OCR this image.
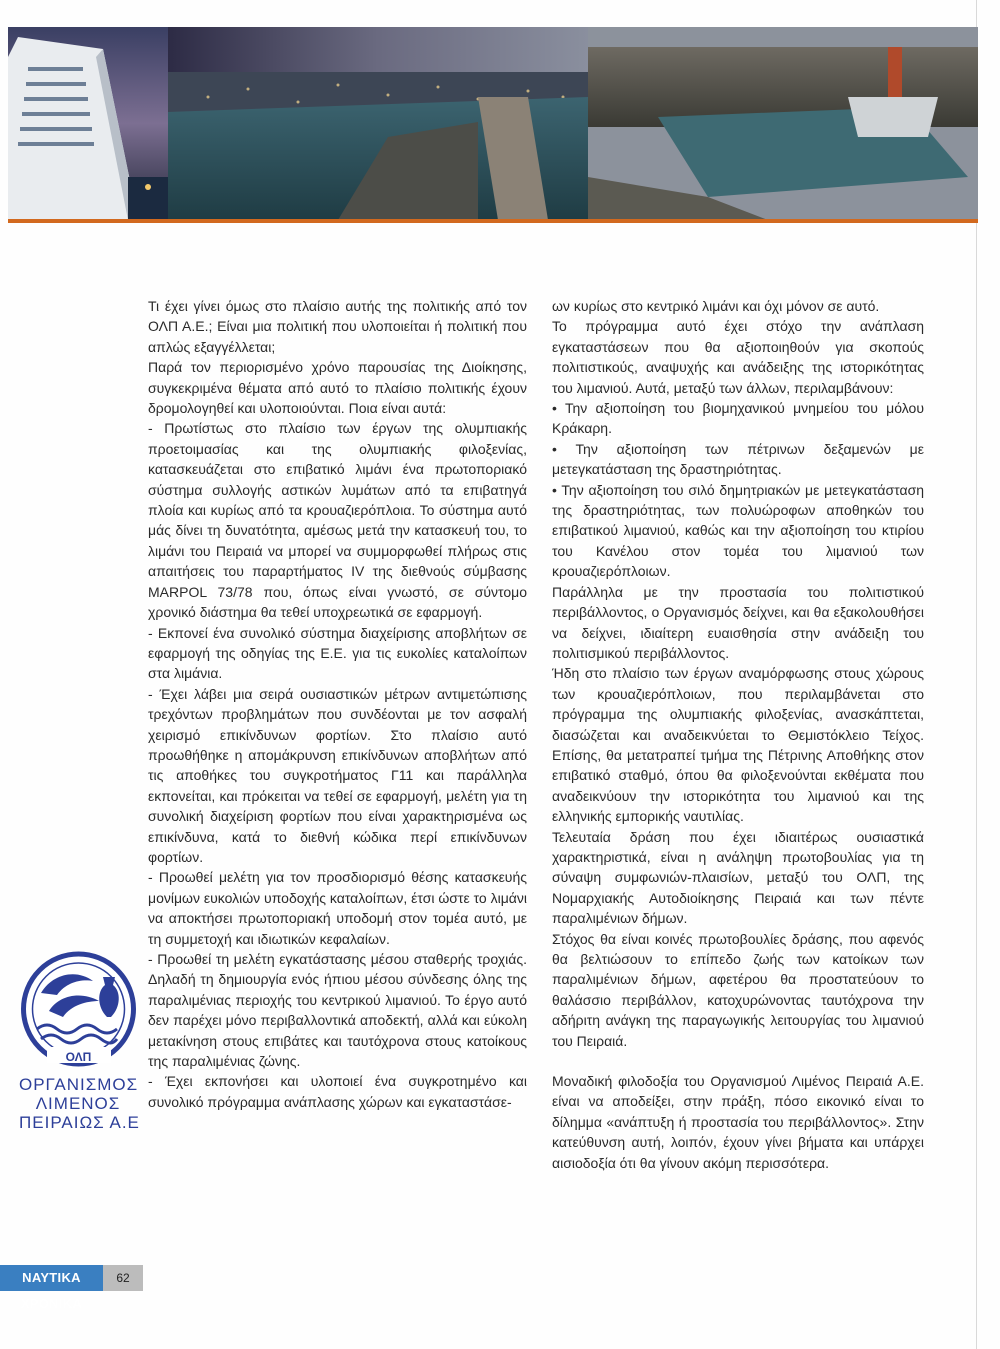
Τι έχει γίνει όμως στο πλαίσιο αυτής της πολιτικής από τον ΟΛΠ Α.Ε.; Είναι μια πολιτική που υλοποιείται ή πολιτική που απλώς εξαγγέλλεται;

Παρά τον περιορισμένο χρόνο παρουσίας της Διοίκησης, συγκεκριμένα θέματα από αυτό το πλαίσιο πολιτικής έχουν δρομολογηθεί και υλοποιούνται. Ποια είναι αυτά:

- Πρωτίστως στο πλαίσιο των έργων της ολυμπιακής προετοιμασίας και της ολυμπιακής φιλοξενίας, κατασκευάζεται στο επιβατικό λιμάνι ένα πρωτοποριακό σύστημα συλλογής αστικών λυμάτων από τα επιβατηγά πλοία και κυρίως από τα κρουαζιερόπλοια. Το σύστημα αυτό μάς δίνει τη δυνατότητα, αμέσως μετά την κατασκευή του, το λιμάνι του Πειραιά να μπορεί να συμμορφωθεί πλήρως στις απαιτήσεις του παραρτήματος IV της διεθνούς σύμβασης MARPOL 73/78 που, όπως είναι γνωστό, σε σύντομο χρονικό διάστημα θα τεθεί υποχρεωτικά σε εφαρμογή.

- Εκπονεί ένα συνολικό σύστημα διαχείρισης αποβλήτων σε εφαρμογή της οδηγίας της Ε.Ε. για τις ευκολίες καταλοίπων στα λιμάνια.

- Έχει λάβει μια σειρά ουσιαστικών μέτρων αντιμετώπισης τρεχόντων προβλημάτων που συνδέονται με τον ασφαλή χειρισμό επικίνδυνων φορτίων. Στο πλαίσιο αυτό προωθήθηκε η απομάκρυνση επικίνδυνων αποβλήτων από τις αποθήκες του συγκροτήματος Γ11 και παράλληλα εκπονείται, και πρόκειται να τεθεί σε εφαρμογή, μελέτη για τη συνολική διαχείριση φορτίων που είναι χαρακτηρισμένα ως επικίνδυνα, κατά το διεθνή κώδικα περί επικίνδυνων φορτίων.

- Προωθεί μελέτη για τον προσδιορισμό θέσης κατασκευής μονίμων ευκολιών υποδοχής καταλοίπων, έτσι ώστε το λιμάνι να αποκτήσει πρωτοποριακή υποδομή στον τομέα αυτό, με τη συμμετοχή και ιδιωτικών κεφαλαίων.

- Προωθεί τη μελέτη εγκατάστασης μέσου σταθερής τροχιάς. Δηλαδή τη δημιουργία ενός ήπιου μέσου σύνδεσης όλης της παραλιμένιας περιοχής του κεντρικού λιμανιού. Το έργο αυτό δεν παρέχει μόνο περιβαλλοντικά αποδεκτή, αλλά και εύκολη μετακίνηση στους επιβάτες και ταυτόχρονα στους κατοίκους της παραλιμένιας ζώνης.

- Έχει εκπονήσει και υλοποιεί ένα συγκροτημένο και συνολικό πρόγραμμα ανάπλασης χώρων και εγκαταστάσε-

ων κυρίως στο κεντρικό λιμάνι και όχι μόνον σε αυτό.

Το πρόγραμμα αυτό έχει στόχο την ανάπλαση εγκαταστάσεων που θα αξιοποιηθούν για σκοπούς πολιτιστικούς, αναψυχής και ανάδειξης της ιστορικότητας του λιμανιού. Αυτά, μεταξύ των άλλων, περιλαμβάνουν:

• Την αξιοποίηση του βιομηχανικού μνημείου του μόλου Κράκαρη.

• Την αξιοποίηση των πέτρινων δεξαμενών με μετεγκατάσταση της δραστηριότητας.

• Την αξιοποίηση του σιλό δημητριακών με μετεγκατάσταση της δραστηριότητας, των πολυώροφων αποθηκών του επιβατικού λιμανιού, καθώς και την αξιοποίηση του κτιρίου του Κανέλου στον τομέα του λιμανιού των κρουαζιερόπλοιων.

Παράλληλα με την προστασία του πολιτιστικού περιβάλλοντος, ο Οργανισμός δείχνει, και θα εξακολουθήσει να δείχνει, ιδιαίτερη ευαισθησία στην ανάδειξη του πολιτισμικού περιβάλλοντος.

Ήδη στο πλαίσιο των έργων αναμόρφωσης στους χώρους των κρουαζιερόπλοιων, που περιλαμβάνεται στο πρόγραμμα της ολυμπιακής φιλοξενίας, ανασκάπτεται, διασώζεται και αναδεικνύεται το Θεμιστόκλειο Τείχος. Επίσης, θα μετατραπεί τμήμα της Πέτρινης Αποθήκης στον επιβατικό σταθμό, όπου θα φιλοξενούνται εκθέματα που αναδεικνύουν την ιστορικότητα του λιμανιού και της ελληνικής εμπορικής ναυτιλίας.

Τελευταία δράση που έχει ιδιαιτέρως ουσιαστικά χαρακτηριστικά, είναι η ανάληψη πρωτοβουλίας για τη σύναψη συμφωνιών-πλαισίων, μεταξύ του ΟΛΠ, της Νομαρχιακής Αυτοδιοίκησης Πειραιά και των πέντε παραλιμένιων δήμων.

Στόχος θα είναι κοινές πρωτοβουλίες δράσης, που αφενός θα βελτιώσουν το επίπεδο ζωής των κατοίκων των παραλιμένιων δήμων, αφετέρου θα προστατεύουν το θαλάσσιο περιβάλλον, κατοχυρώνοντας ταυτόχρονα την αδήριτη ανάγκη της παραγωγικής λειτουργίας του λιμανιού του Πειραιά.

Μοναδική φιλοδοξία του Οργανισμού Λιμένος Πειραιά Α.Ε. είναι να αποδείξει, στην πράξη, πόσο εικονικό είναι το δίλημμα «ανάπτυξη ή προστασία του περιβάλλοντος». Στην κατεύθυνση αυτή, λοιπόν, έχουν γίνει βήματα και υπάρχει αισιοδοξία ότι θα γίνουν ακόμη περισσότερα.

ΟΛΠ
ΟΡΓΑΝΙΣΜΟΣ
ΛΙΜΕΝΟΣ
ΠΕΙΡΑΙΩΣ Α.Ε
ΝΑΥΤΙΚΑ ΧΡΟΝΙΚΑ
62
